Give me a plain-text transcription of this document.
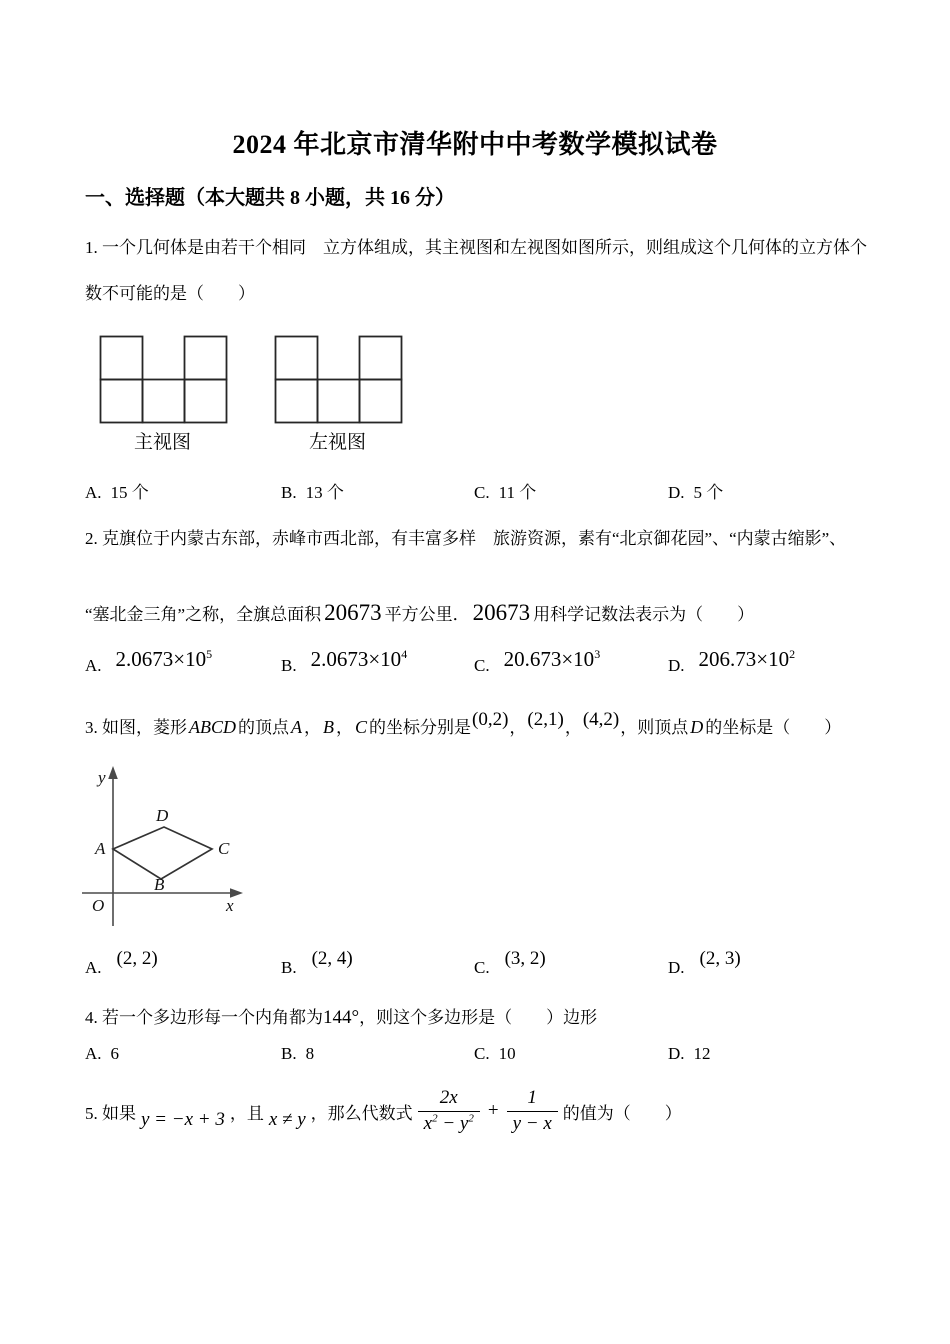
2024 年北京市清华附中中考数学模拟试卷
一、选择题（本大题共 8 小题，共 16 分）
1. 一个几何体是由若干个相同　立方体组成，其主视图和左视图如图所示，则组成这个几何体的立方体个
数不可能的是（　　）
主视图	左视图
A. 15 个	B. 13 个	C. 11 个	D. 5 个
2. 克旗位于内蒙古东部，赤峰市西北部，有丰富多样　旅游资源，素有“北京御花园”、“内蒙古缩影”、
“塞北金三角”之称，全旗总面积 20673 平方公里． 20673 用科学记数法表示为（　　）
A. $2.0673\times 10^5$
B. $2.0673\times 10^4$
C. $20.673\times 10^3$
D. $206.73\times 10^2$
3. 如图，菱形 ABCD 的顶点 A ， B ， C 的坐标分别是(0,2)，(2,1)，(4,2)，则顶点 D 的坐标是（　　）
y
x
O
A
D
C
B
A. (2, 2)	B. (2, 4)	C. (3, 2)	D. (2, 3)
4. 若一个多边形每一个内角都为144°，则这个多边形是（　　）边形
A. 6	B. 8	C. 10	D. 12
5. 如果 y = −x + 3 ，且 x ≠ y ，那么代数式 $\frac{2x}{x^2 - y^2} + \frac{1}{y - x}$ 的值为（　　）
